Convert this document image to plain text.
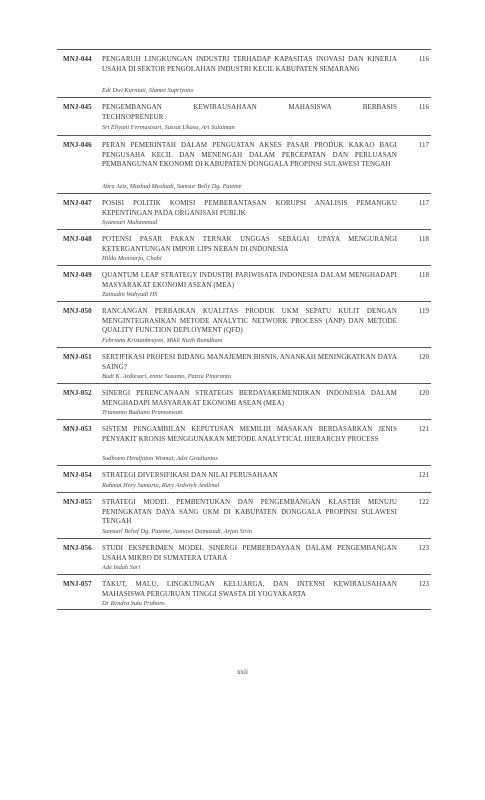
MNJ-044 PENGARUH LINGKUNGAN INDUSTRI TERHADAP KAPASITAS INOVASI DAN KINERJA USAHA DI SEKTOR PENGOLAHAN INDUSTRI KECIL KABUPATEN SEMARANG
Edi Dwi Kurniati, Slamet Supriyono
116
MNJ-045 PENGEMBANGAN KEWIRAUSAHAAN MAHASISWA BERBASIS TECHNOPRENEUR
Sri Eliyani Fermasisari, Sassat Ukasa, Ari Sulaiman
116
MNJ-046 PERAN PEMERINTAH DALAM PENGUATAN AKSES PASAR PRODUK KAKAO BAGI PENGUSAHA KECIL DAN MENENGAH DALAM PERCEPATAN DAN PERLUASAN PEMBANGUNAN EKONOMI DI KABUPATEN DONGGALA PROPINSI SULAWESI TENGAH
Abra Aziz, Mashud Mashudi, Samsur Belly Dg. Pateme
117
MNJ-047 POSISI POLITIK KOMISI PEMBERANTASAN KORUPSI ANALISIS PEMANGKU KEPENTINGAN PADA ORGANISASI PUBLIK
Syamsuri Muhammad
117
MNJ-048 POTENSI PASAR PAKAN TERNAK UNGGAS SEBAGAI UPAYA MENGURANGI KETERGANTUNGAN IMPOR LIPS NEBAN DI INDONESIA
Hilda Monoarfa, Chabi
118
MNJ-049 QUANTUM LEAP STRATEGY INDUSTRI PARIWISATA INDONESIA DALAM MENGHADAPI MASYARAKAT EKONOMI ASEAN (MEA)
Zainudin Wahyudi HS
118
MNJ-050 RANCANGAN PERBAIKAN KUALITAS PRODUK UKM SEPATU KULIT DENGAN MENGINTEGRASIKAN METODE ANALYTIC NETWORK PROCESS (ANP) DAN METODE QUALITY FUNCTION DEPLOYMENT (QFD)
Febriana Kristanbrayen, Mikli Nieth Ramdhani
119
MNJ-051 SERTIFIKASI PROFESI BIDANG MANAJEMEN BISNIS, ANANKAH MENINGKATKAN DAYA SAING?
Budi K. Ardiesari, ennie Susanto, Patria Pinuranto
120
MNJ-052 SINERGI PERENCANAAN STRATEGIS BERDAYAKEMENDIKAN INDONESIA DALAM MENGHADAPI MASYARAKAT EKONOMI ASEAN (MEA)
Triananto Budiano Pramonwati
120
MNJ-053 SISTEM PENGAMBILAN KEPUTUSAN MEMILIH MASAKAN BERDASARKAN JENIS PENYAKIT KRONIS MENGGUNAKAN METODE ANALYTICAL HIERARCHY PROCESS
Sudhoem Hendjaton Wismat, Adzi Gradiantas
121
MNJ-054 STRATEGI DIVERSIFIKASI DAN NILAI PERUSAHAAN
Rahmat Hery Sumarto, Rury Ardwiyh Andimal
121
MNJ-055 STRATEGI MODEL PEMBENTUKAN DAN PENGEMBANGAN KLASTER MENUJU PENINGKATAN DAYA SANG UKM DI KABUPATEN DONGGALA PROPINSI SULAWESI TENGAH
Samsurl Belief Dg. Pateme, Asmawi Damazadi, Arjun Sirin
122
MNJ-056 STUDI EKSPERIMEN MODEL SINERGI PEMBERDAYAAN DALAM PENGEMBANGAN USAHA MIKRO DI SUMATERA UTARA
Ade Indah Sari
123
MNJ-057 TAKUT, MALU, LINGKUNGAN KELUARGA, DAN INTENSI KEWIRAUSAHAAN MAHASISWA PERGURUAN TINGGI SWASTA DI YOGYAKARTA
Dr Rendra Sutu Praboro
123
xxii
